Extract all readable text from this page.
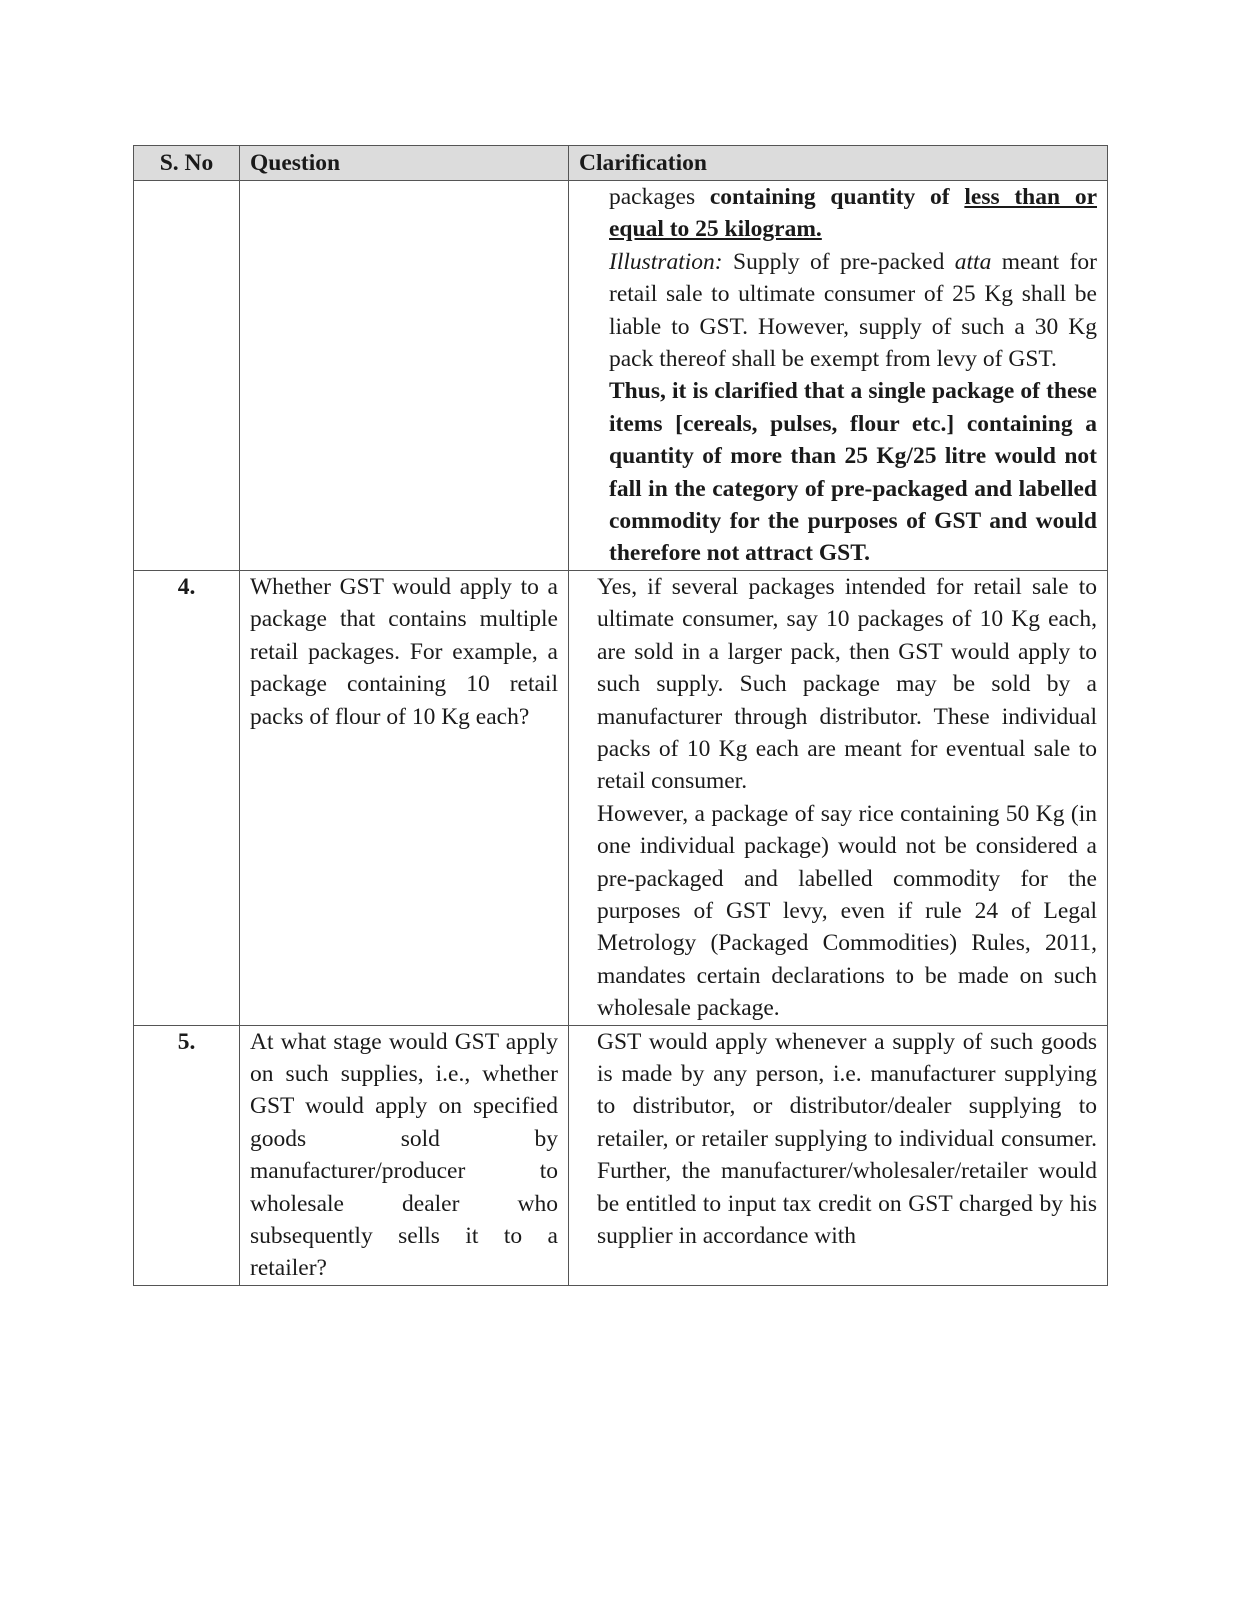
S. No	Question	Clarification

		packages containing quantity of less than or equal to 25 kilogram.

Illustration: Supply of pre-packed atta meant for retail sale to ultimate consumer of 25 Kg shall be liable to GST. However, supply of such a 30 Kg pack thereof shall be exempt from levy of GST.

Thus, it is clarified that a single package of these items [cereals, pulses, flour etc.] containing a quantity of more than 25 Kg/25 litre would not fall in the category of pre-packaged and labelled commodity for the purposes of GST and would therefore not attract GST.

4.	Whether GST would apply to a package that contains multiple retail packages. For example, a package containing 10 retail packs of flour of 10 Kg each?	Yes, if several packages intended for retail sale to ultimate consumer, say 10 packages of 10 Kg each, are sold in a larger pack, then GST would apply to such supply. Such package may be sold by a manufacturer through distributor. These individual packs of 10 Kg each are meant for eventual sale to retail consumer.

However, a package of say rice containing 50 Kg (in one individual package) would not be considered a pre-packaged and labelled commodity for the purposes of GST levy, even if rule 24 of Legal Metrology (Packaged Commodities) Rules, 2011, mandates certain declarations to be made on such wholesale package.

5.	At what stage would GST apply on such supplies, i.e., whether GST would apply on specified goods sold by manufacturer/producer to wholesale dealer who subsequently sells it to a retailer?	GST would apply whenever a supply of such goods is made by any person, i.e. manufacturer supplying to distributor, or distributor/dealer supplying to retailer, or retailer supplying to individual consumer. Further, the manufacturer/wholesaler/retailer would be entitled to input tax credit on GST charged by his supplier in accordance with
